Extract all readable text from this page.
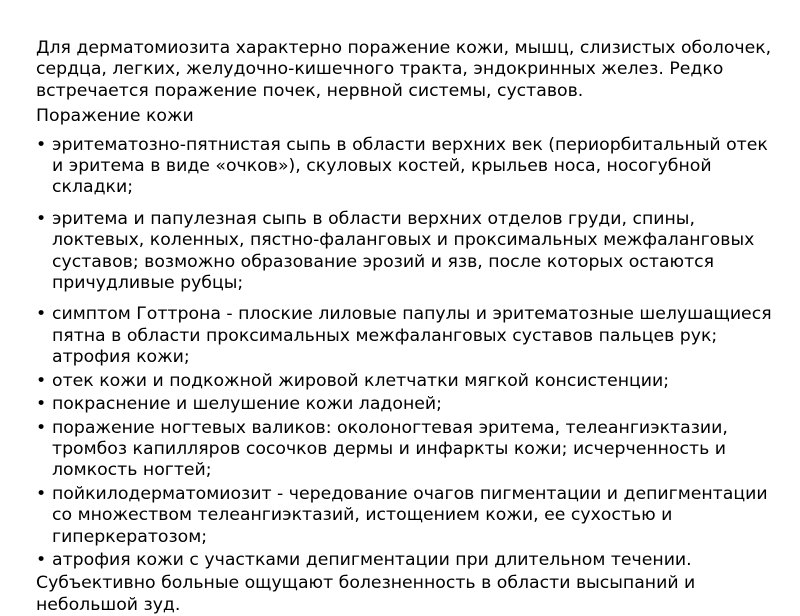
Для дерматомиозита характерно поражение кожи, мышц, слизистых оболочек, сердца, легких, желудочно-кишечного тракта, эндокринных желез. Редко встречается поражение почек, нервной системы, суставов.

Поражение кожи

• эритематозно-пятнистая сыпь в области верхних век (периорбитальный отек и эритема в виде «очков»), скуловых костей, крыльев носа, носогубной складки;
• эритема и папулезная сыпь в области верхних отделов груди, спины, локтевых, коленных, пястно-фаланговых и проксимальных межфаланговых суставов; возможно образование эрозий и язв, после которых остаются причудливые рубцы;
• симптом Готтрона - плоские лиловые папулы и эритематозные шелушащиеся пятна в области проксимальных межфаланговых суставов пальцев рук; атрофия кожи;
• отек кожи и подкожной жировой клетчатки мягкой консистенции;
• покраснение и шелушение кожи ладоней;
• поражение ногтевых валиков: околоногтевая эритема, телеангиэктазии, тромбоз капилляров сосочков дермы и инфаркты кожи; исчерченность и ломкость ногтей;
• пойкилодерматомиозит - чередование очагов пигментации и депигментации со множеством телеангиэктазий, истощением кожи, ее сухостью и гиперкератозом;
• атрофия кожи с участками депигментации при длительном течении.

Субъективно больные ощущают болезненность в области высыпаний и небольшой зуд.
